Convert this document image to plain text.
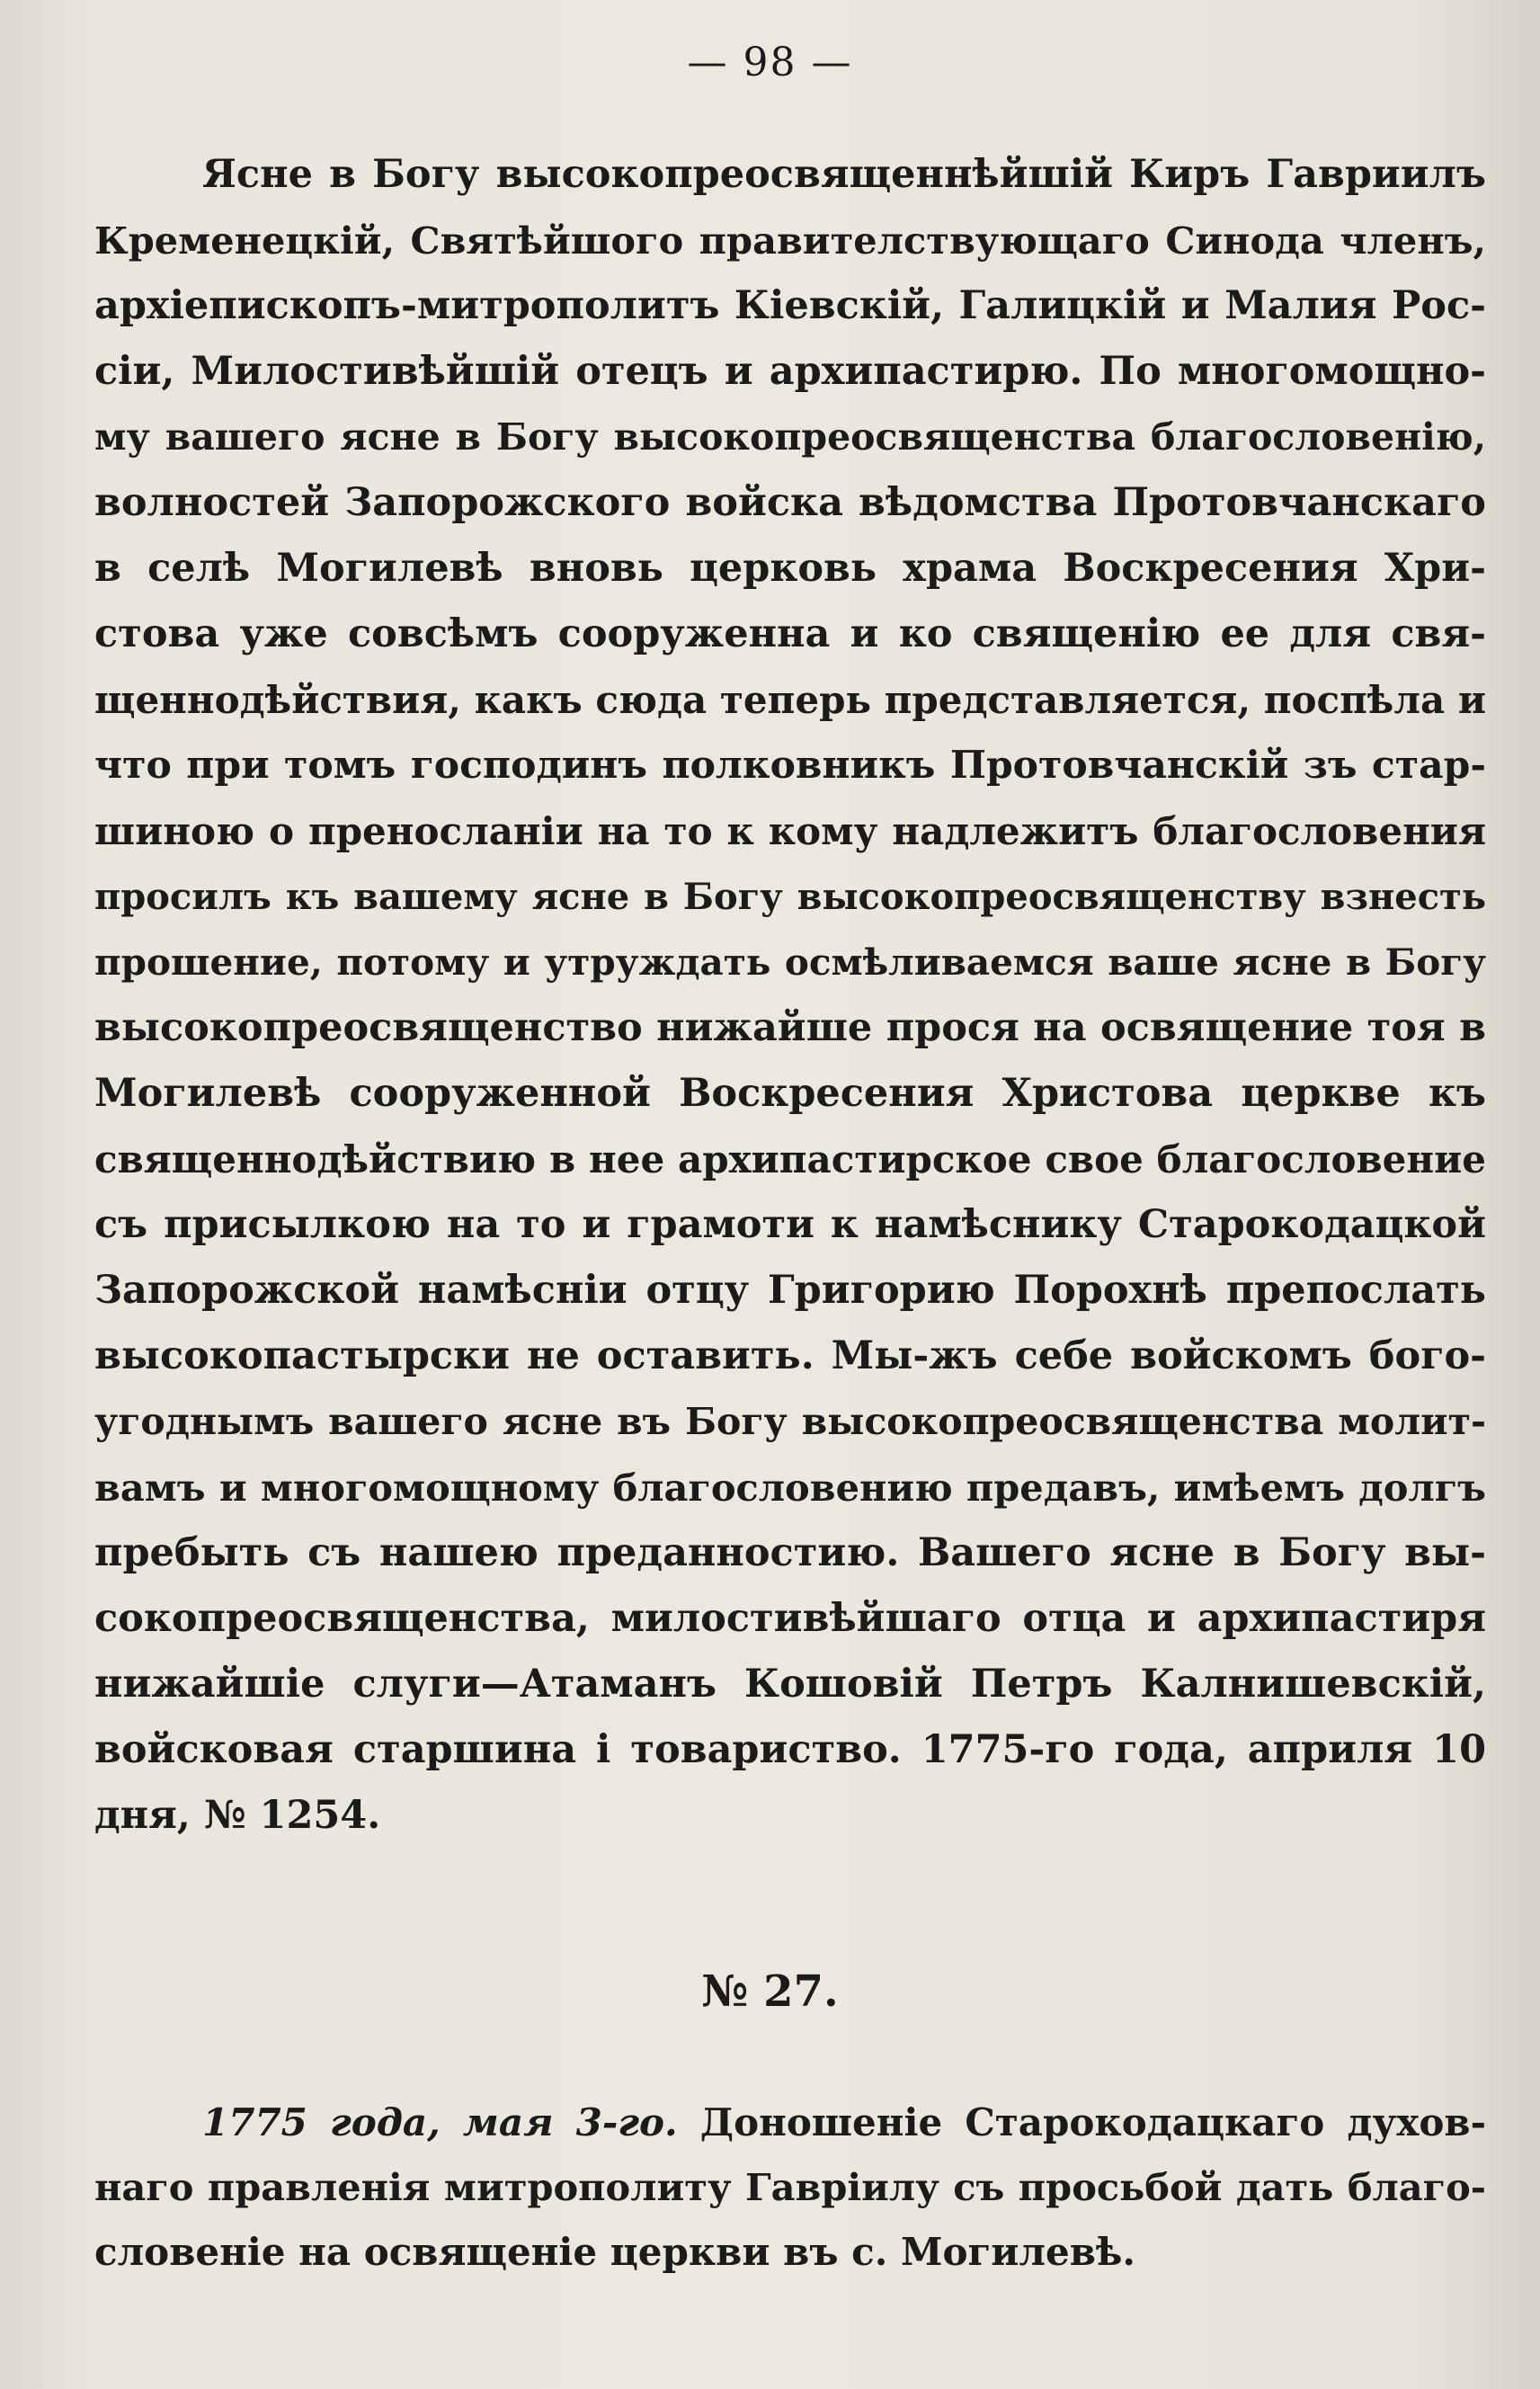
— 98 —
Ясне в Богу высокопреосвященнѣйшій Киръ Гавриилъ
Кременецкій, Святѣйшого правителствующаго Синода членъ,
архіепископъ-митрополитъ Кіевскій, Галицкій и Малия Рос-
сіи, Милостивѣйшій отецъ и архипастирю. По многомощно-
му вашего ясне в Богу высокопреосвященства благословенію,
волностей Запорожского войска вѣдомства Протовчанскаго
в селѣ Могилевѣ вновь церковь храма Воскресения Хри-
стова уже совсѣмъ сооруженна и ко священію ее для свя-
щеннодѣйствия, какъ сюда теперь представляется, поспѣла и
что при томъ господинъ полковникъ Протовчанскій зъ стар-
шиною о преносланіи на то к кому надлежитъ благословения
просилъ къ вашему ясне в Богу высокопреосвященству взнесть
прошение, потому и утруждать осмѣливаемся ваше ясне в Богу
высокопреосвященство нижайше прося на освящение тоя в
Могилевѣ сооруженной Воскресения Христова церкве къ
священнодѣйствию в нее архипастирское свое благословение
съ присылкою на то и грамоти к намѣснику Старокодацкой
Запорожской намѣсніи отцу Григорию Порохнѣ препослать
высокопастырски не оставить. Мы-жъ себе войскомъ бого-
угоднымъ вашего ясне въ Богу высокопреосвященства молит-
вамъ и многомощному благословению предавъ, имѣемъ долгъ
пребыть съ нашею преданностию. Вашего ясне в Богу вы-
сокопреосвященства, милостивѣйшаго отца и архипастиря
нижайшіе слуги—Атаманъ Кошовій Петръ Калнишевскій,
войсковая старшина і товариство. 1775-го года, априля 10
дня, № 1254.
№ 27.
1775 года, мая 3-го. Доношеніе Старокодацкаго духов-
наго правленія митрополиту Гаврiилу съ просьбой дать благо-
словеніе на освященіе церкви въ с. Могилевѣ.
